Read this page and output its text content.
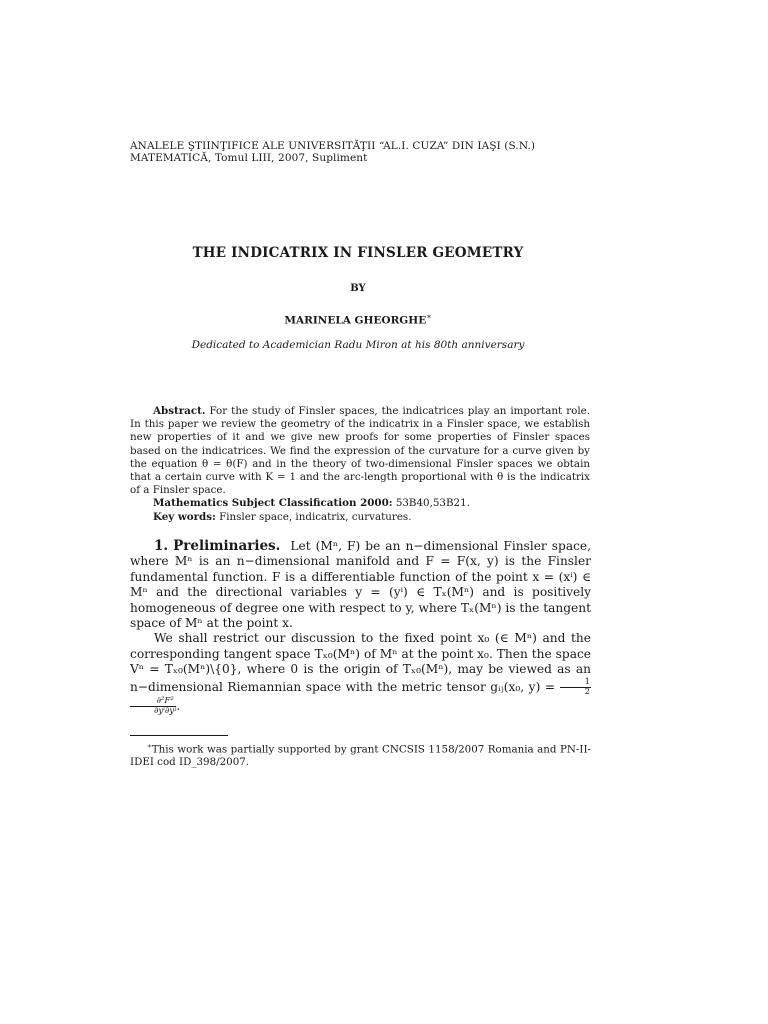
ANALELE ŞTIINŢIFICE ALE UNIVERSITĂŢII “AL.I. CUZA” DIN IAŞI (S.N.)
MATEMATICĂ, Tomul LIII, 2007, Supliment
THE INDICATRIX IN FINSLER GEOMETRY
BY
MARINELA GHEORGHE∗
Dedicated to Academician Radu Miron at his 80th anniversary

Abstract. For the study of Finsler spaces, the indicatrices play an important role. In this paper we review the geometry of the indicatrix in a Finsler space, we establish new properties of it and we give new proofs for some properties of Finsler spaces based on the indicatrices. We find the expression of the curvature for a curve given by the equation θ = θ(F) and in the theory of two-dimensional Finsler spaces we obtain that a certain curve with K = 1 and the arc-length proportional with θ is the indicatrix of a Finsler space.

Mathematics Subject Classification 2000: 53B40,53B21.
Key words: Finsler space, indicatrix, curvatures.

1. Preliminaries. Let (Mⁿ, F) be an n−dimensional Finsler space, where Mⁿ is an n−dimensional manifold and F = F(x, y) is the Finsler fundamental function. F is a differentiable function of the point x = (xⁱ) ∈ Mⁿ and the directional variables y = (yⁱ) ∈ Tₓ(Mⁿ) and is positively homogeneous of degree one with respect to y, where Tₓ(Mⁿ) is the tangent space of Mⁿ at the point x.

We shall restrict our discussion to the fixed point x₀ (∈ Mⁿ) and the corresponding tangent space Tₓ₀(Mⁿ) of Mⁿ at the point x₀. Then the space Vⁿ = Tₓ₀(Mⁿ)\{0}, where 0 is the origin of Tₓ₀(Mⁿ), may be viewed as an n−dimensional Riemannian space with the metric tensor gᵢⱼ(x₀, $y) = \frac{1}{2}$
$\frac{\text{∂²F²}}{\text{∂yⁱ∂yʲ}}$ .

∗This work was partially supported by grant CNCSIS 1158/2007 Romania and PN-II-IDEI cod ID_398/2007.
